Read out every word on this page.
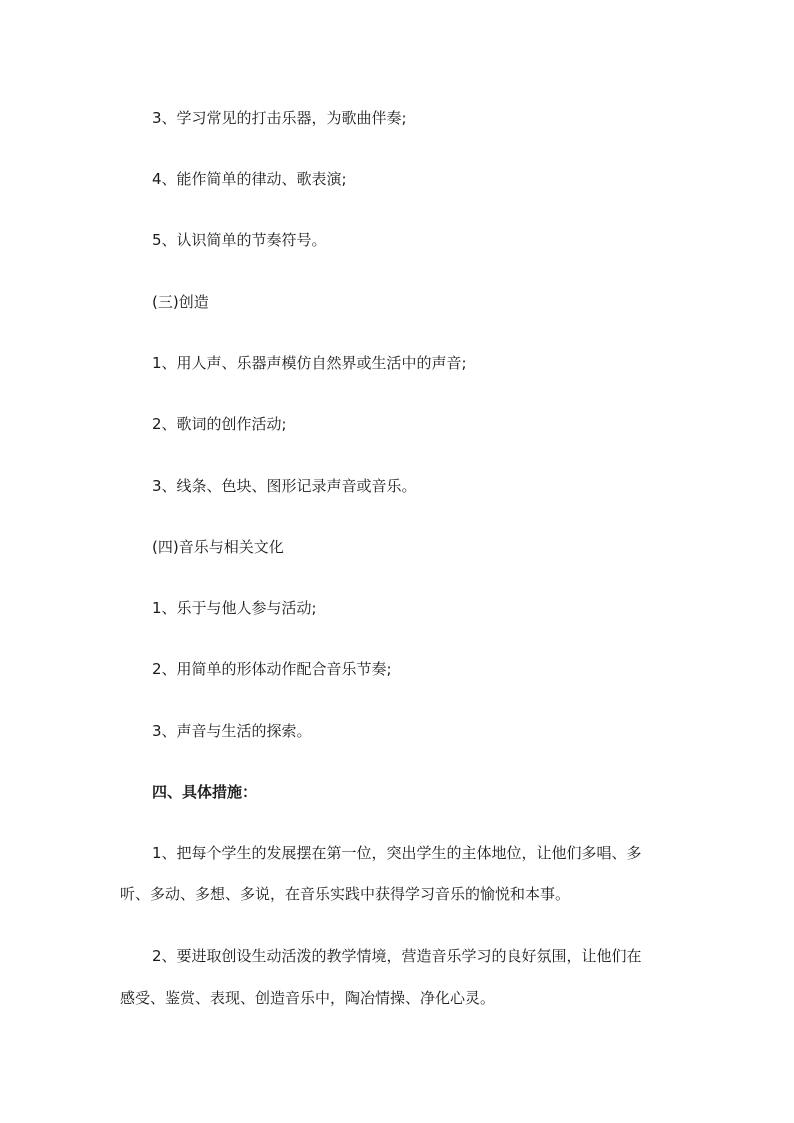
3、学习常见的打击乐器，为歌曲伴奏;
4、能作简单的律动、歌表演;
5、认识简单的节奏符号。
(三)创造
1、用人声、乐器声模仿自然界或生活中的声音;
2、歌词的创作活动;
3、线条、色块、图形记录声音或音乐。
(四)音乐与相关文化
1、乐于与他人参与活动;
2、用简单的形体动作配合音乐节奏;
3、声音与生活的探索。
四、具体措施：
1、把每个学生的发展摆在第一位，突出学生的主体地位，让他们多唱、多
听、多动、多想、多说，在音乐实践中获得学习音乐的愉悦和本事。
2、要进取创设生动活泼的教学情境，营造音乐学习的良好氛围，让他们在
感受、鉴赏、表现、创造音乐中，陶冶情操、净化心灵。
